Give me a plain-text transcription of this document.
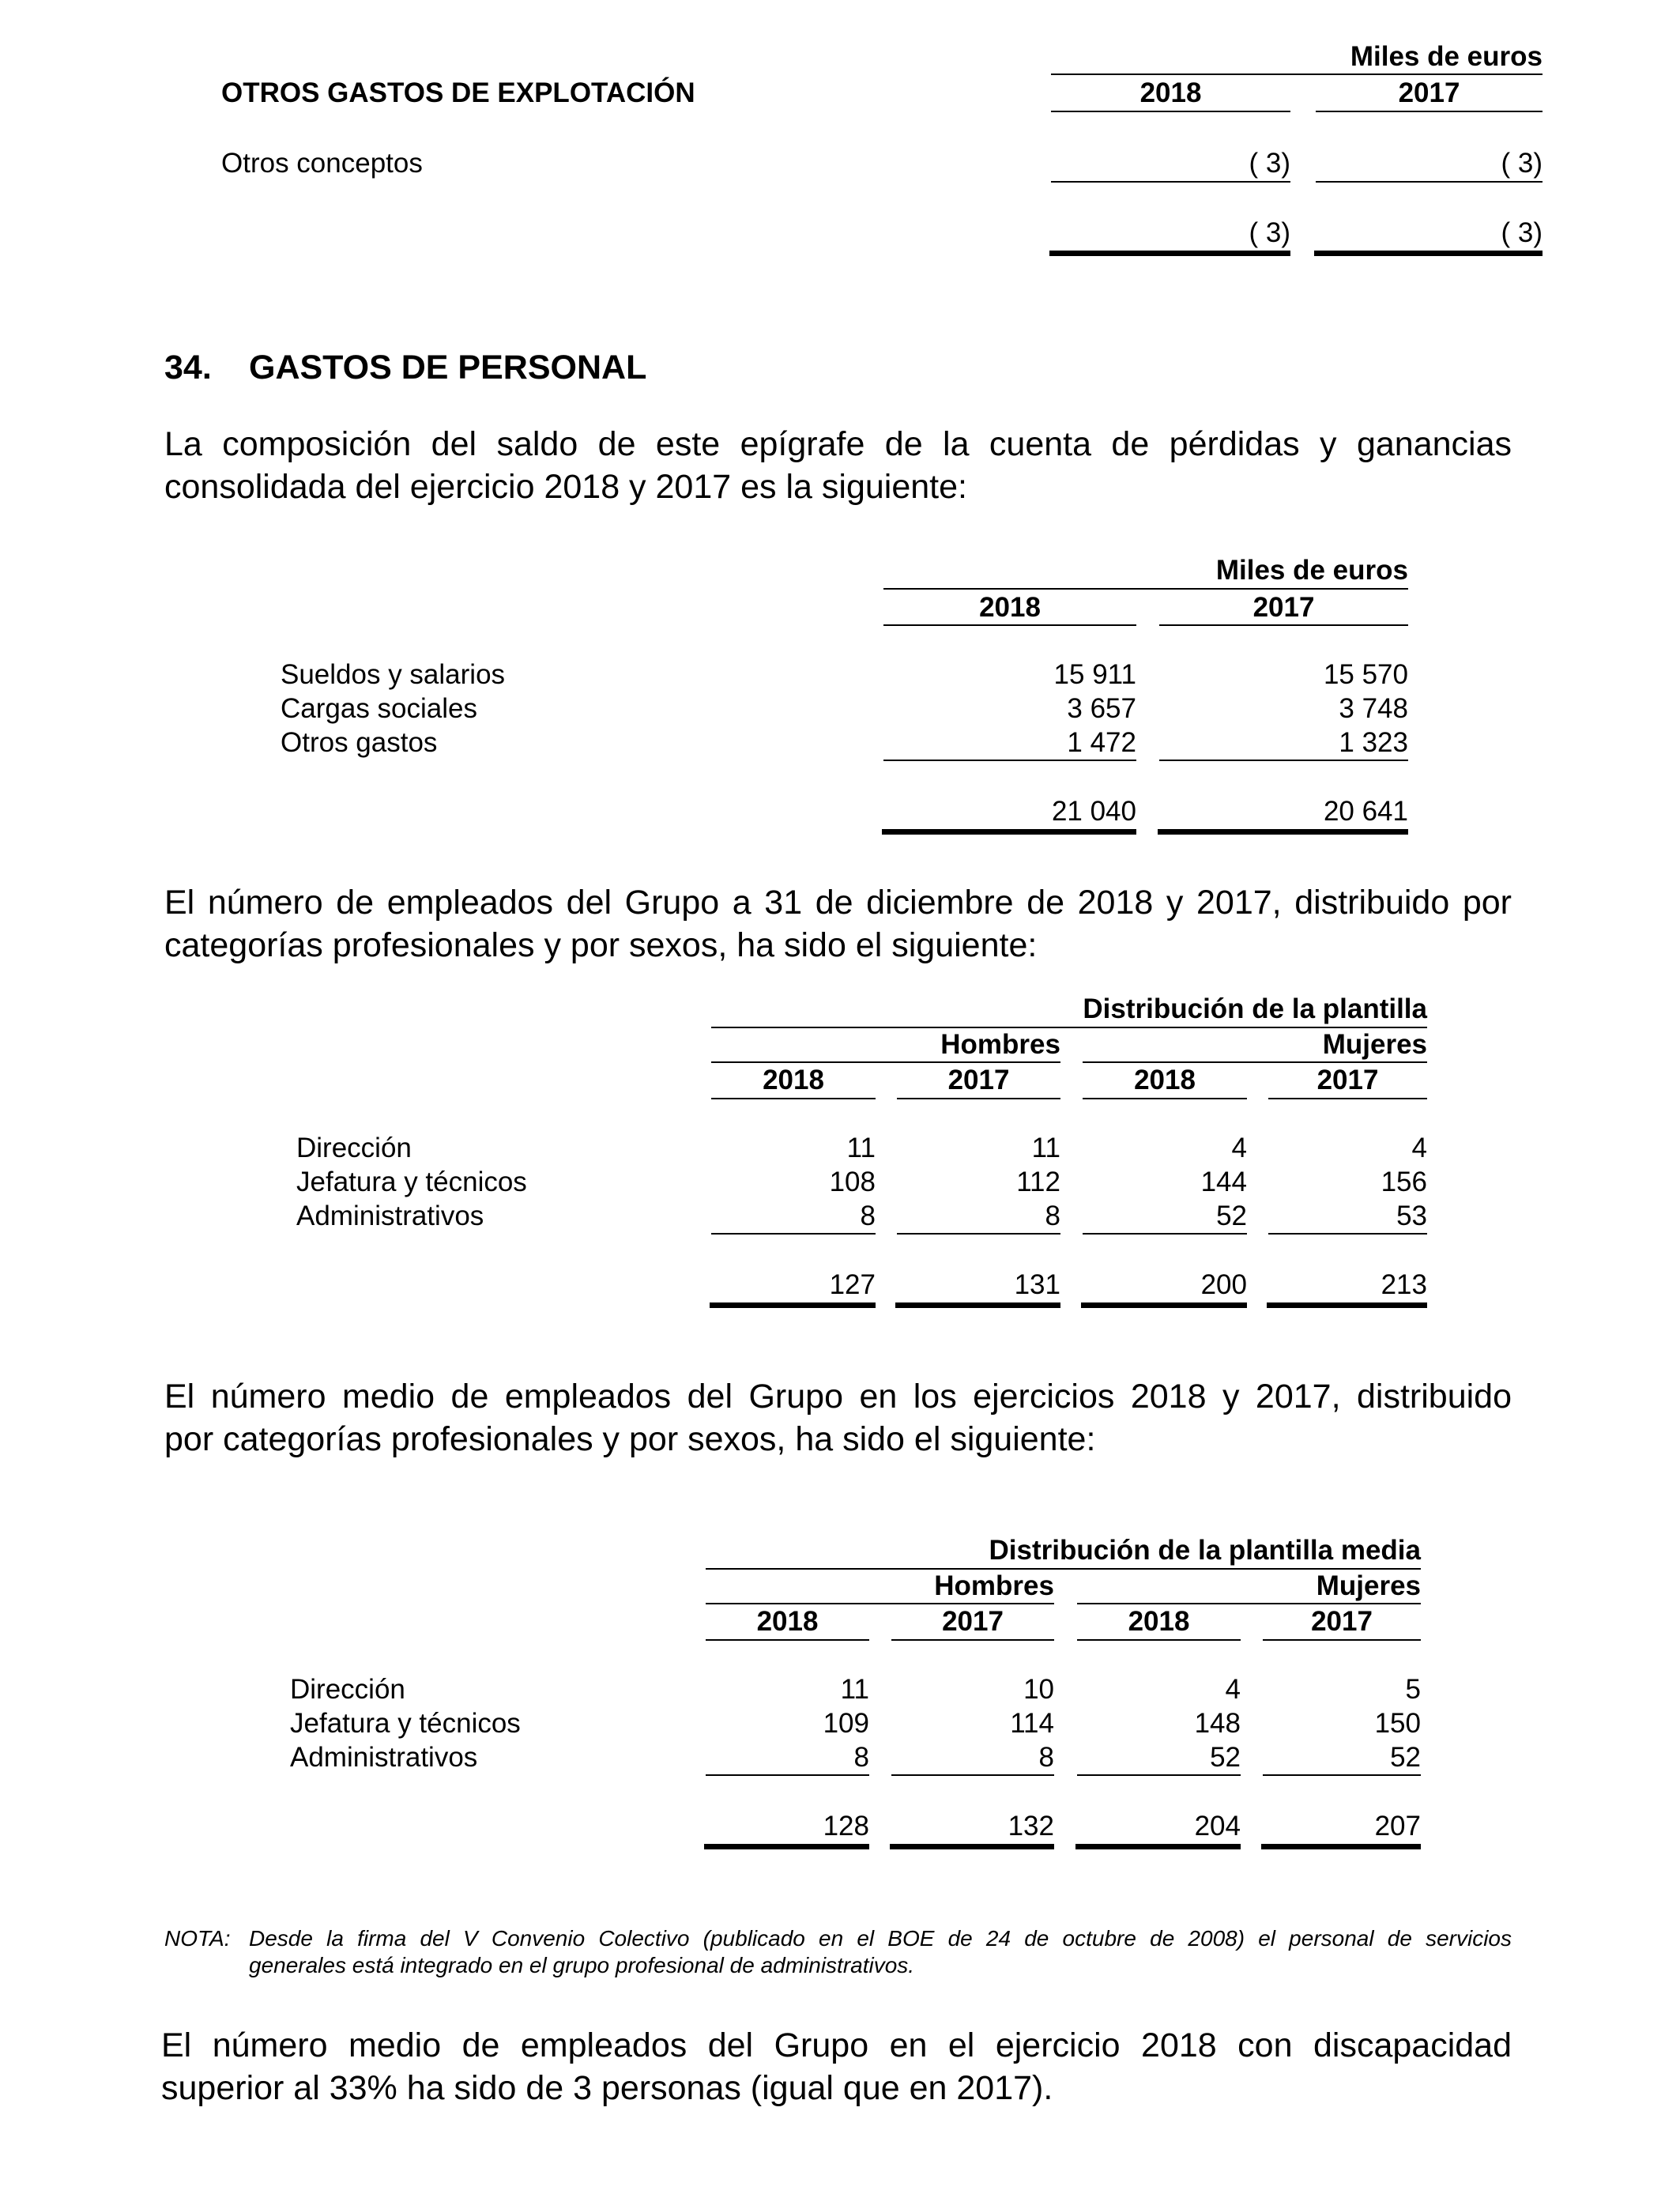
Miles de euros
OTROS GASTOS DE EXPLOTACIÓN	2018	2017
Otros conceptos	( 3)	( 3)
( 3)	( 3)
34. GASTOS DE PERSONAL
La composición del saldo de este epígrafe de la cuenta de pérdidas y ganancias
consolidada del ejercicio 2018 y 2017 es la siguiente:
Miles de euros
2018	2017
Sueldos y salarios	15 911	15 570
Cargas sociales	3 657	3 748
Otros gastos	1 472	1 323
21 040	20 641
El número de empleados del Grupo a 31 de diciembre de 2018 y 2017, distribuido por
categorías profesionales y por sexos, ha sido el siguiente:
Distribución de la plantilla
Hombres	Mujeres
2018	2017	2018	2017
Dirección	11	11	4	4
Jefatura y técnicos	108	112	144	156
Administrativos	8	8	52	53
127	131	200	213
El número medio de empleados del Grupo en los ejercicios 2018 y 2017, distribuido
por categorías profesionales y por sexos, ha sido el siguiente:
Distribución de la plantilla media
Hombres	Mujeres
2018	2017	2018	2017
Dirección	11	10	4	5
Jefatura y técnicos	109	114	148	150
Administrativos	8	8	52	52
128	132	204	207
NOTA: Desde la firma del V Convenio Colectivo (publicado en el BOE de 24 de octubre de 2008) el personal de servicios
generales está integrado en el grupo profesional de administrativos.
El número medio de empleados del Grupo en el ejercicio 2018 con discapacidad
superior al 33% ha sido de 3 personas (igual que en 2017).
